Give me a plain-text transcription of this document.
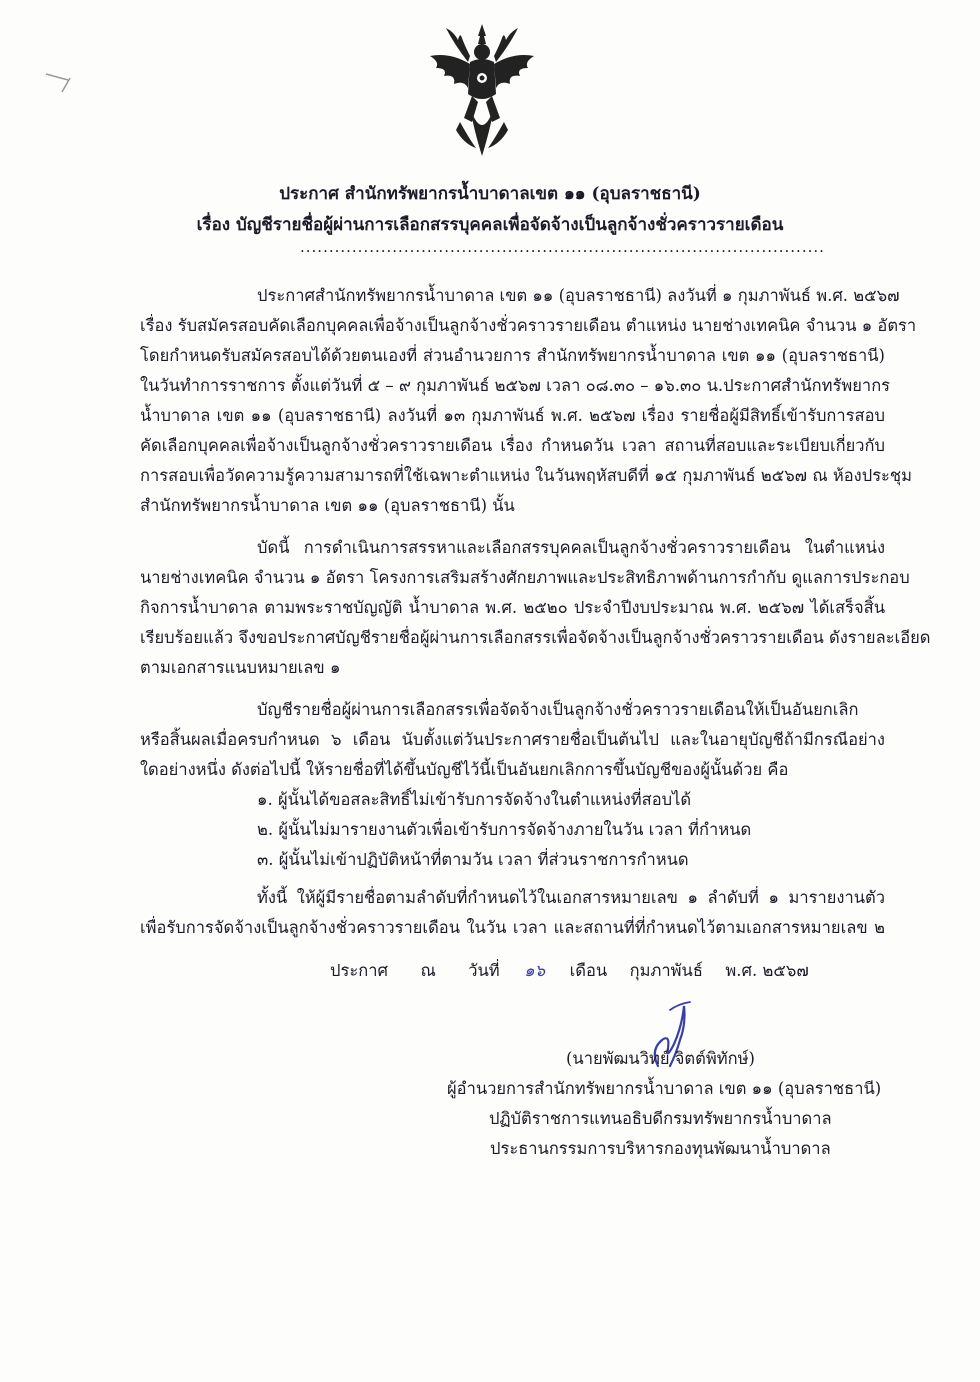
ประกาศ สำนักทรัพยากรน้ำบาดาลเขต ๑๑ (อุบลราชธานี)
เรื่อง บัญชีรายชื่อผู้ผ่านการเลือกสรรบุคคลเพื่อจัดจ้างเป็นลูกจ้างชั่วคราวรายเดือน
...........................................................................................
ประกาศสำนักทรัพยากรน้ำบาดาล เขต ๑๑ (อุบลราชธานี) ลงวันที่ ๑ กุมภาพันธ์ พ.ศ. ๒๕๖๗
เรื่อง รับสมัครสอบคัดเลือกบุคคลเพื่อจ้างเป็นลูกจ้างชั่วคราวรายเดือน ตำแหน่ง นายช่างเทคนิค จำนวน ๑ อัตรา
โดยกำหนดรับสมัครสอบได้ด้วยตนเองที่ ส่วนอำนวยการ สำนักทรัพยากรน้ำบาดาล เขต ๑๑ (อุบลราชธานี)
ในวันทำการราชการ ตั้งแต่วันที่ ๕ – ๙ กุมภาพันธ์ ๒๕๖๗ เวลา ๐๘.๓๐ – ๑๖.๓๐ น.ประกาศสำนักทรัพยากร
น้ำบาดาล เขต ๑๑ (อุบลราชธานี) ลงวันที่ ๑๓ กุมภาพันธ์ พ.ศ. ๒๕๖๗ เรื่อง รายชื่อผู้มีสิทธิ์เข้ารับการสอบ
คัดเลือกบุคคลเพื่อจ้างเป็นลูกจ้างชั่วคราวรายเดือน เรื่อง กำหนดวัน เวลา สถานที่สอบและระเบียบเกี่ยวกับ
การสอบเพื่อวัดความรู้ความสามารถที่ใช้เฉพาะตำแหน่ง ในวันพฤหัสบดีที่ ๑๕ กุมภาพันธ์ ๒๕๖๗ ณ ห้องประชุม
สำนักทรัพยากรน้ำบาดาล เขต ๑๑ (อุบลราชธานี) นั้น
บัดนี้ การดำเนินการสรรหาและเลือกสรรบุคคลเป็นลูกจ้างชั่วคราวรายเดือน ในตำแหน่ง
นายช่างเทคนิค จำนวน ๑ อัตรา โครงการเสริมสร้างศักยภาพและประสิทธิภาพด้านการกำกับ ดูแลการประกอบ
กิจการน้ำบาดาล ตามพระราชบัญญัติ น้ำบาดาล พ.ศ. ๒๕๒๐ ประจำปีงบประมาณ พ.ศ. ๒๕๖๗ ได้เสร็จสิ้น
เรียบร้อยแล้ว จึงขอประกาศบัญชีรายชื่อผู้ผ่านการเลือกสรรเพื่อจัดจ้างเป็นลูกจ้างชั่วคราวรายเดือน ดังรายละเอียด
ตามเอกสารแนบหมายเลข ๑
บัญชีรายชื่อผู้ผ่านการเลือกสรรเพื่อจัดจ้างเป็นลูกจ้างชั่วคราวรายเดือนให้เป็นอันยกเลิก
หรือสิ้นผลเมื่อครบกำหนด ๖ เดือน นับตั้งแต่วันประกาศรายชื่อเป็นต้นไป และในอายุบัญชีถ้ามีกรณีอย่าง
ใดอย่างหนึ่ง ดังต่อไปนี้ ให้รายชื่อที่ได้ขึ้นบัญชีไว้นี้เป็นอันยกเลิกการขึ้นบัญชีของผู้นั้นด้วย คือ
๑. ผู้นั้นได้ขอสละสิทธิ์ไม่เข้ารับการจัดจ้างในตำแหน่งที่สอบได้
๒. ผู้นั้นไม่มารายงานตัวเพื่อเข้ารับการจัดจ้างภายในวัน เวลา ที่กำหนด
๓. ผู้นั้นไม่เข้าปฏิบัติหน้าที่ตามวัน เวลา ที่ส่วนราชการกำหนด
ทั้งนี้ ให้ผู้มีรายชื่อตามลำดับที่กำหนดไว้ในเอกสารหมายเลข ๑ ลำดับที่ ๑ มารายงานตัว
เพื่อรับการจัดจ้างเป็นลูกจ้างชั่วคราวรายเดือน ในวัน เวลา และสถานที่ที่กำหนดไว้ตามเอกสารหมายเลข ๒
ประกาศ ณ วันที่ ๑๖ เดือน กุมภาพันธ์ พ.ศ. ๒๕๖๗
(นายพัฒนวิทย์ จิตต์พิทักษ์)
ผู้อำนวยการสำนักทรัพยากรน้ำบาดาล เขต ๑๑ (อุบลราชธานี)
ปฏิบัติราชการแทนอธิบดีกรมทรัพยากรน้ำบาดาล
ประธานกรรมการบริหารกองทุนพัฒนาน้ำบาดาล
